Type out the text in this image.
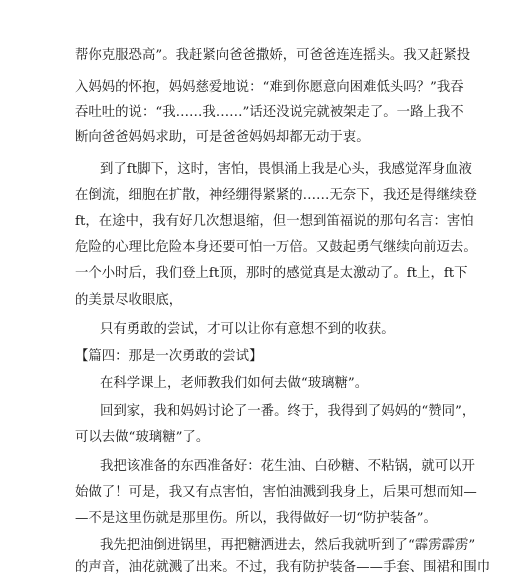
帮你克服恐高”。我赶紧向爸爸撒娇，可爸爸连连摇头。我又赶紧投
入妈妈的怀抱，妈妈慈爱地说：“难到你愿意向困难低头吗？”我吞
吞吐吐的说：“我……我……”话还没说完就被架走了。一路上我不
断向爸爸妈妈求助，可是爸爸妈妈却都无动于衷。
到了ft脚下，这时，害怕，畏惧涌上我是心头，我感觉浑身血液
在倒流，细胞在扩散，神经绷得紧紧的……无奈下，我还是得继续登
ft，在途中，我有好几次想退缩，但一想到笛福说的那句名言：害怕
危险的心理比危险本身还要可怕一万倍。又鼓起勇气继续向前迈去。
一个小时后，我们登上ft顶，那时的感觉真是太激动了。ft上，ft下
的美景尽收眼底，
只有勇敢的尝试，才可以让你有意想不到的收获。
【篇四：那是一次勇敢的尝试】
在科学课上，老师教我们如何去做“玻璃糖”。
回到家，我和妈妈讨论了一番。终于，我得到了妈妈的“赞同”，
可以去做“玻璃糖”了。
我把该准备的东西准备好：花生油、白砂糖、不粘锅，就可以开
始做了！可是，我又有点害怕，害怕油溅到我身上，后果可想而知—
—不是这里伤就是那里伤。所以，我得做好一切“防护装备”。
我先把油倒进锅里，再把糖洒进去，然后我就听到了“霹雳霹雳”
的声音，油花就溅了出来。不过，我有防护装备——手套、围裙和围巾
